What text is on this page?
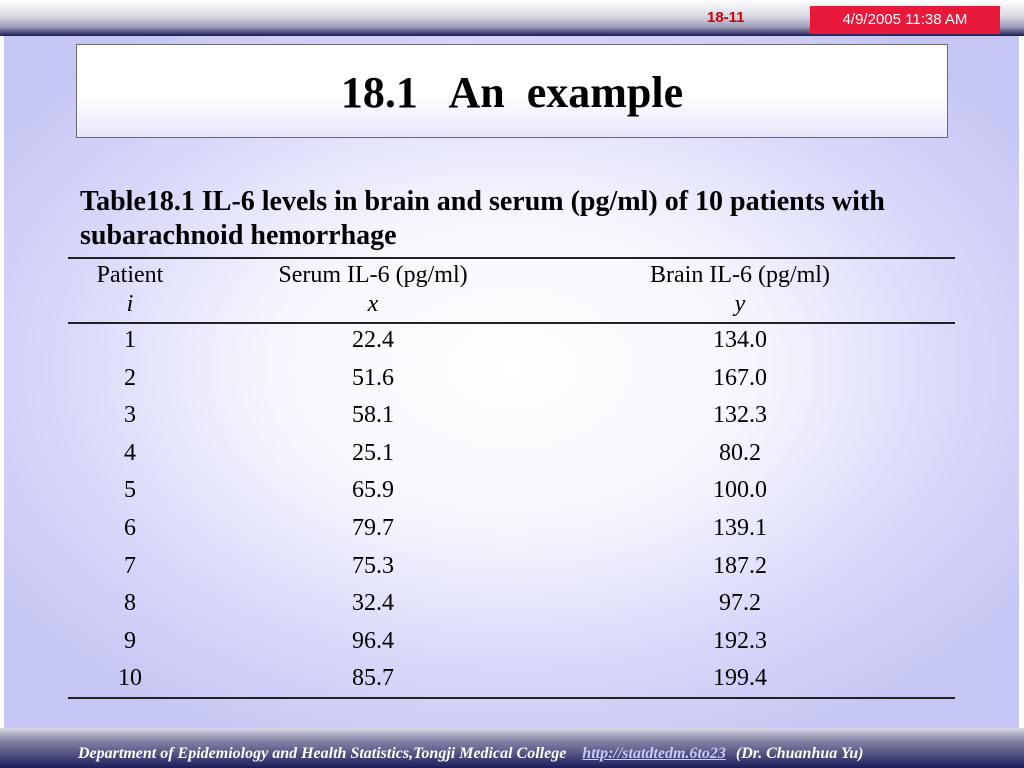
18-11	4/9/2005 11:38 AM
18.1   An  example
Table18.1 IL-6 levels in brain and serum (pg/ml) of 10 patients with subarachnoid hemorrhage
Patient	Serum IL-6 (pg/ml)	Brain IL-6 (pg/ml)
i	x	y
1	22.4	134.0
2	51.6	167.0
3	58.1	132.3
4	25.1	80.2
5	65.9	100.0
6	79.7	139.1
7	75.3	187.2
8	32.4	97.2
9	96.4	192.3
10	85.7	199.4
Department of Epidemiology and Health Statistics,Tongji Medical College http://statdtedm.6to23 (Dr. Chuanhua Yu)
